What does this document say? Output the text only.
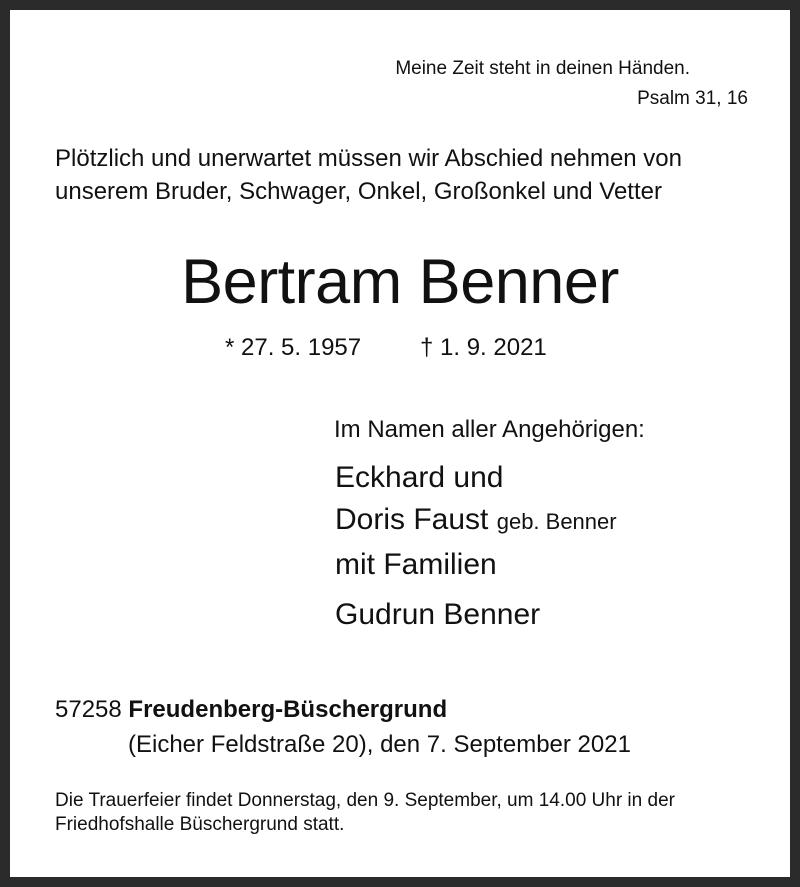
Meine Zeit steht in deinen Händen.
Psalm 31, 16
Plötzlich und unerwartet müssen wir Abschied nehmen von unserem Bruder, Schwager, Onkel, Großonkel und Vetter
Bertram Benner
* 27. 5. 1957 † 1. 9. 2021
Im Namen aller Angehörigen:
Eckhard und
Doris Faust geb. Benner
mit Familien
Gudrun Benner
57258 Freudenberg-Büschergrund
(Eicher Feldstraße 20), den 7. September 2021
Die Trauerfeier findet Donnerstag, den 9. September, um 14.00 Uhr in der Friedhofshalle Büschergrund statt.
